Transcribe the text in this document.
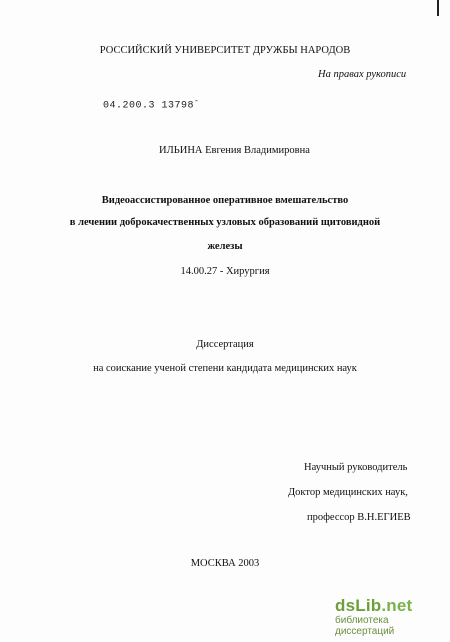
РОССИЙСКИЙ УНИВЕРСИТЕТ ДРУЖБЫ НАРОДОВ
На правах рукописи
04.200.3 13798-
ИЛЬИНА Евгения Владимировна
Видеоассистированное оперативное вмешательство
в лечении доброкачественных узловых образований щитовидной
железы
14.00.27 - Хирургия
Диссертация
на соискание ученой степени кандидата медицинских наук
Научный руководитель
Доктор медицинских наук,
профессор В.Н.ЕГИЕВ
МОСКВА 2003
dsLib.net
библиотека диссертаций
